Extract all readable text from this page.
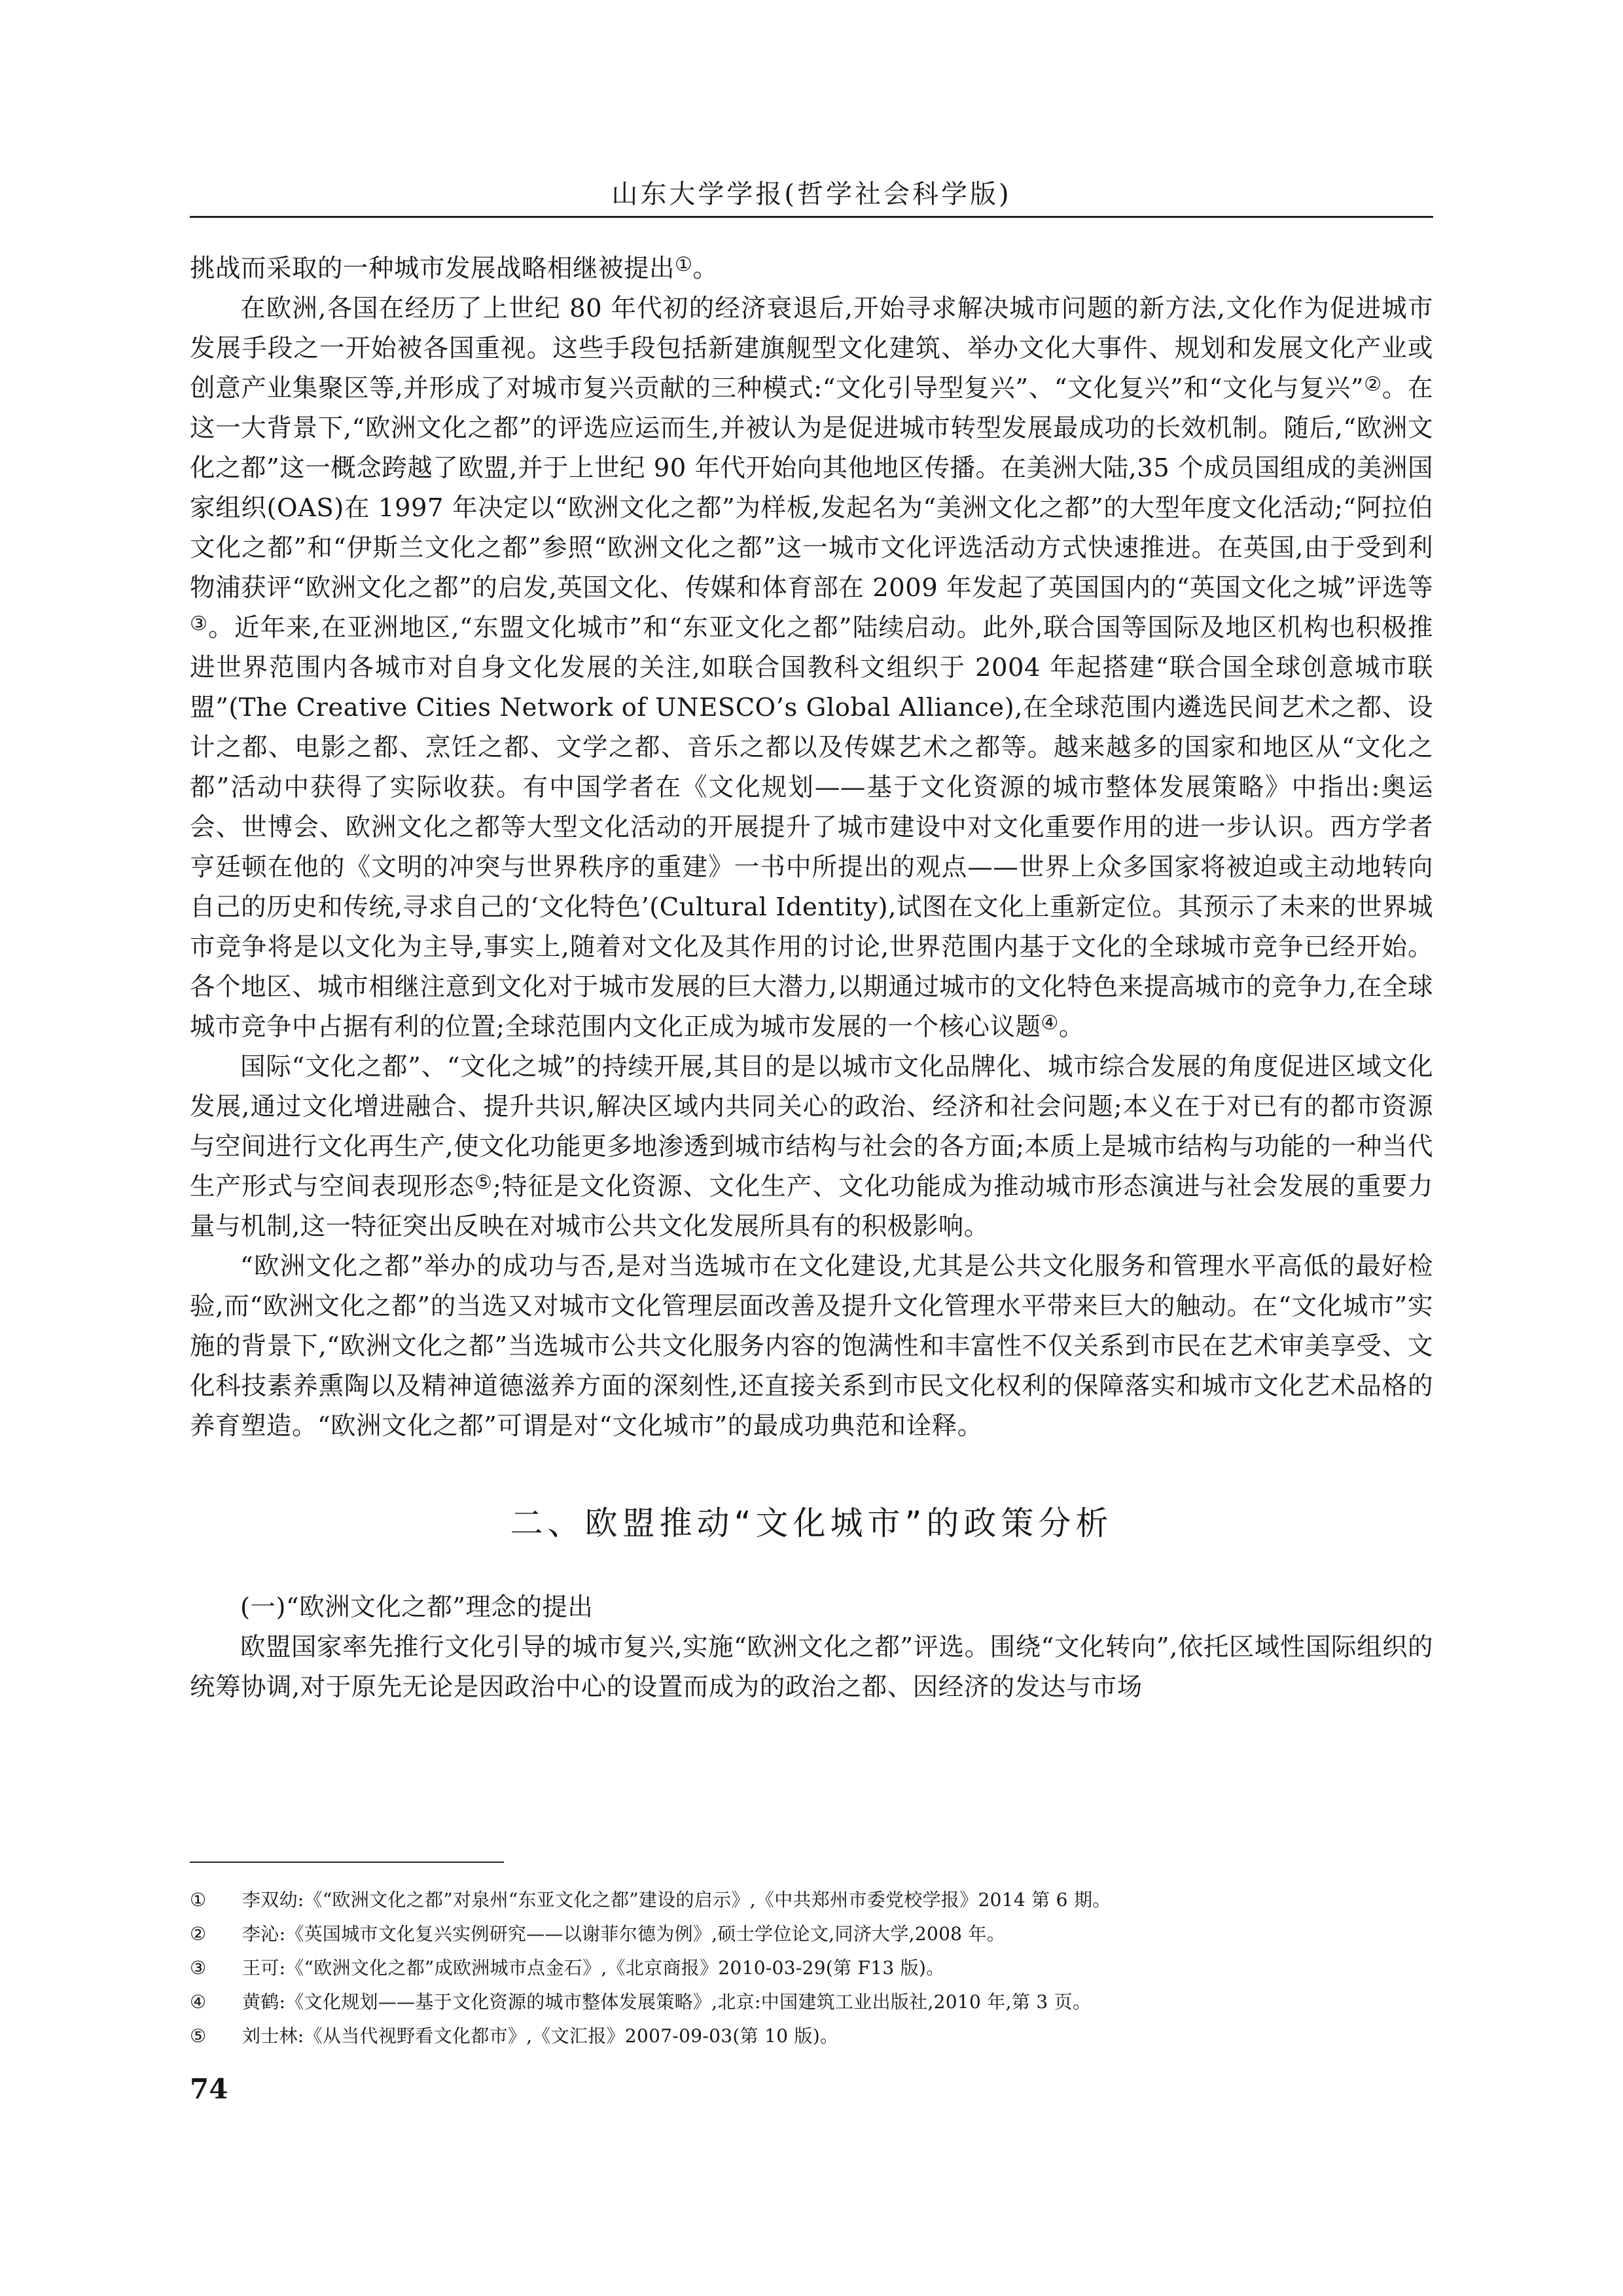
山东大学学报(哲学社会科学版)

挑战而采取的一种城市发展战略相继被提出①。

在欧洲,各国在经历了上世纪 80 年代初的经济衰退后,开始寻求解决城市问题的新方法,文化作为促进城市发展手段之一开始被各国重视。这些手段包括新建旗舰型文化建筑、举办文化大事件、规划和发展文化产业或创意产业集聚区等,并形成了对城市复兴贡献的三种模式:“文化引导型复兴”、“文化复兴”和“文化与复兴”②。在这一大背景下,“欧洲文化之都”的评选应运而生,并被认为是促进城市转型发展最成功的长效机制。随后,“欧洲文化之都”这一概念跨越了欧盟,并于上世纪 90 年代开始向其他地区传播。在美洲大陆,35 个成员国组成的美洲国家组织(OAS)在 1997 年决定以“欧洲文化之都”为样板,发起名为“美洲文化之都”的大型年度文化活动;“阿拉伯文化之都”和“伊斯兰文化之都”参照“欧洲文化之都”这一城市文化评选活动方式快速推进。在英国,由于受到利物浦获评“欧洲文化之都”的启发,英国文化、传媒和体育部在 2009 年发起了英国国内的“英国文化之城”评选等③。近年来,在亚洲地区,“东盟文化城市”和“东亚文化之都”陆续启动。此外,联合国等国际及地区机构也积极推进世界范围内各城市对自身文化发展的关注,如联合国教科文组织于 2004 年起搭建“联合国全球创意城市联盟”(The Creative Cities Network of UNESCO’s Global Alliance),在全球范围内遴选民间艺术之都、设计之都、电影之都、烹饪之都、文学之都、音乐之都以及传媒艺术之都等。越来越多的国家和地区从“文化之都”活动中获得了实际收获。有中国学者在《文化规划——基于文化资源的城市整体发展策略》中指出:奥运会、世博会、欧洲文化之都等大型文化活动的开展提升了城市建设中对文化重要作用的进一步认识。西方学者亨廷顿在他的《文明的冲突与世界秩序的重建》一书中所提出的观点——世界上众多国家将被迫或主动地转向自己的历史和传统,寻求自己的‘文化特色’(Cultural Identity),试图在文化上重新定位。其预示了未来的世界城市竞争将是以文化为主导,事实上,随着对文化及其作用的讨论,世界范围内基于文化的全球城市竞争已经开始。各个地区、城市相继注意到文化对于城市发展的巨大潜力,以期通过城市的文化特色来提高城市的竞争力,在全球城市竞争中占据有利的位置;全球范围内文化正成为城市发展的一个核心议题④。

国际“文化之都”、“文化之城”的持续开展,其目的是以城市文化品牌化、城市综合发展的角度促进区域文化发展,通过文化增进融合、提升共识,解决区域内共同关心的政治、经济和社会问题;本义在于对已有的都市资源与空间进行文化再生产,使文化功能更多地渗透到城市结构与社会的各方面;本质上是城市结构与功能的一种当代生产形式与空间表现形态⑤;特征是文化资源、文化生产、文化功能成为推动城市形态演进与社会发展的重要力量与机制,这一特征突出反映在对城市公共文化发展所具有的积极影响。

“欧洲文化之都”举办的成功与否,是对当选城市在文化建设,尤其是公共文化服务和管理水平高低的最好检验,而“欧洲文化之都”的当选又对城市文化管理层面改善及提升文化管理水平带来巨大的触动。在“文化城市”实施的背景下,“欧洲文化之都”当选城市公共文化服务内容的饱满性和丰富性不仅关系到市民在艺术审美享受、文化科技素养熏陶以及精神道德滋养方面的深刻性,还直接关系到市民文化权利的保障落实和城市文化艺术品格的养育塑造。“欧洲文化之都”可谓是对“文化城市”的最成功典范和诠释。

二、欧盟推动“文化城市”的政策分析

(一)“欧洲文化之都”理念的提出

欧盟国家率先推行文化引导的城市复兴,实施“欧洲文化之都”评选。围绕“文化转向”,依托区域性国际组织的统筹协调,对于原先无论是因政治中心的设置而成为的政治之都、因经济的发达与市场

①	李双幼:《“欧洲文化之都”对泉州“东亚文化之都”建设的启示》,《中共郑州市委党校学报》2014 第 6 期。
②	李沁:《英国城市文化复兴实例研究——以谢菲尔德为例》,硕士学位论文,同济大学,2008 年。
③	王可:《“欧洲文化之都”成欧洲城市点金石》,《北京商报》2010-03-29(第 F13 版)。
④	黄鹤:《文化规划——基于文化资源的城市整体发展策略》,北京:中国建筑工业出版社,2010 年,第 3 页。
⑤	刘士林:《从当代视野看文化都市》,《文汇报》2007-09-03(第 10 版)。
74
